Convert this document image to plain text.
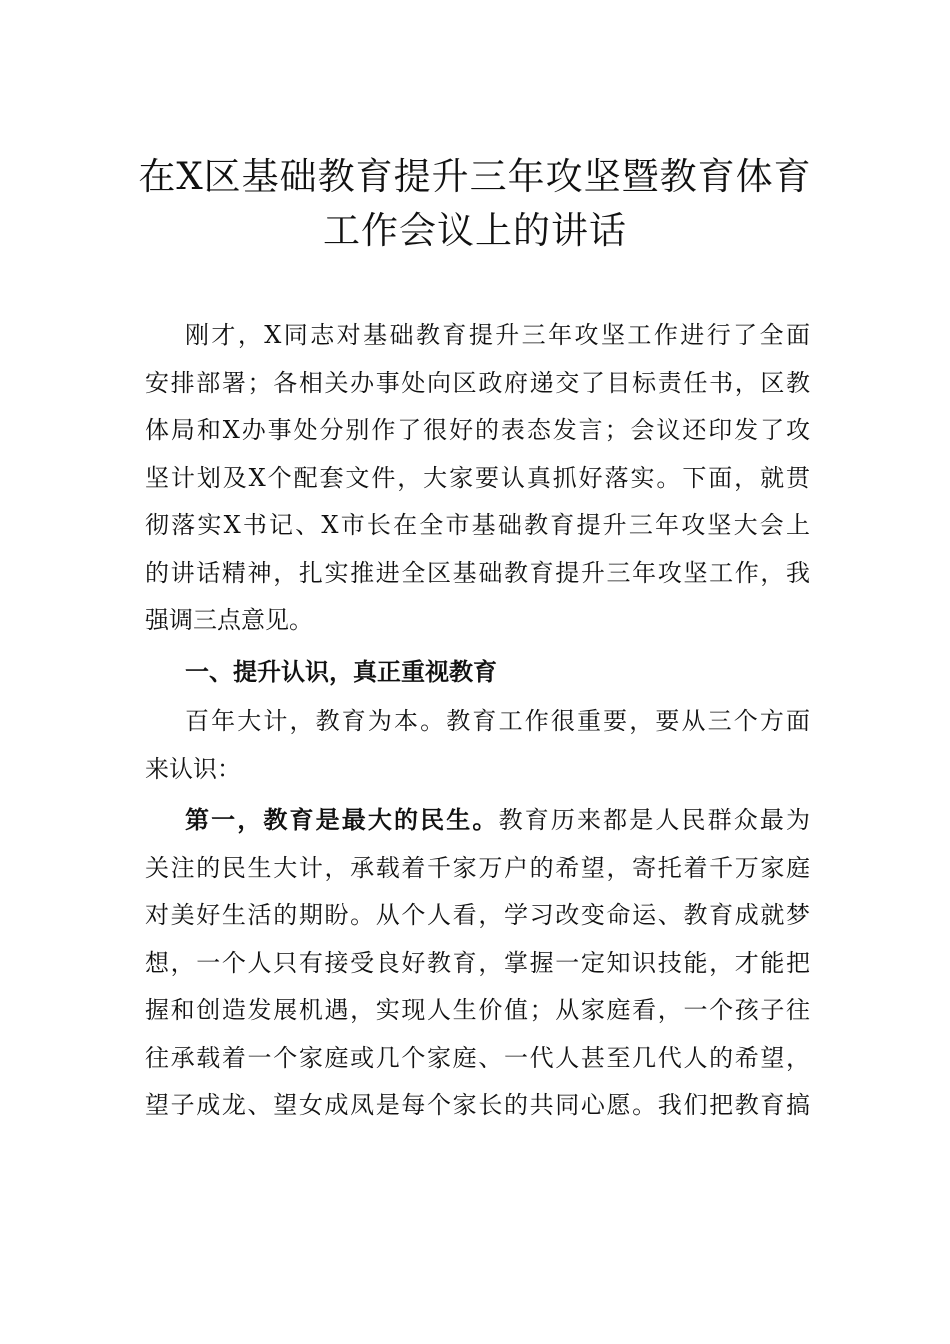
在X区基础教育提升三年攻坚暨教育体育
工作会议上的讲话

刚才，X同志对基础教育提升三年攻坚工作进行了全面
安排部署；各相关办事处向区政府递交了目标责任书，区教
体局和X办事处分别作了很好的表态发言；会议还印发了攻
坚计划及X个配套文件，大家要认真抓好落实。下面，就贯
彻落实X书记、X市长在全市基础教育提升三年攻坚大会上
的讲话精神，扎实推进全区基础教育提升三年攻坚工作，我
强调三点意见。

一、提升认识，真正重视教育

百年大计，教育为本。教育工作很重要，要从三个方面
来认识：

第一，教育是最大的民生。教育历来都是人民群众最为
关注的民生大计，承载着千家万户的希望，寄托着千万家庭
对美好生活的期盼。从个人看，学习改变命运、教育成就梦
想，一个人只有接受良好教育，掌握一定知识技能，才能把
握和创造发展机遇，实现人生价值；从家庭看，一个孩子往
往承载着一个家庭或几个家庭、一代人甚至几代人的希望，
望子成龙、望女成凤是每个家长的共同心愿。我们把教育搞
